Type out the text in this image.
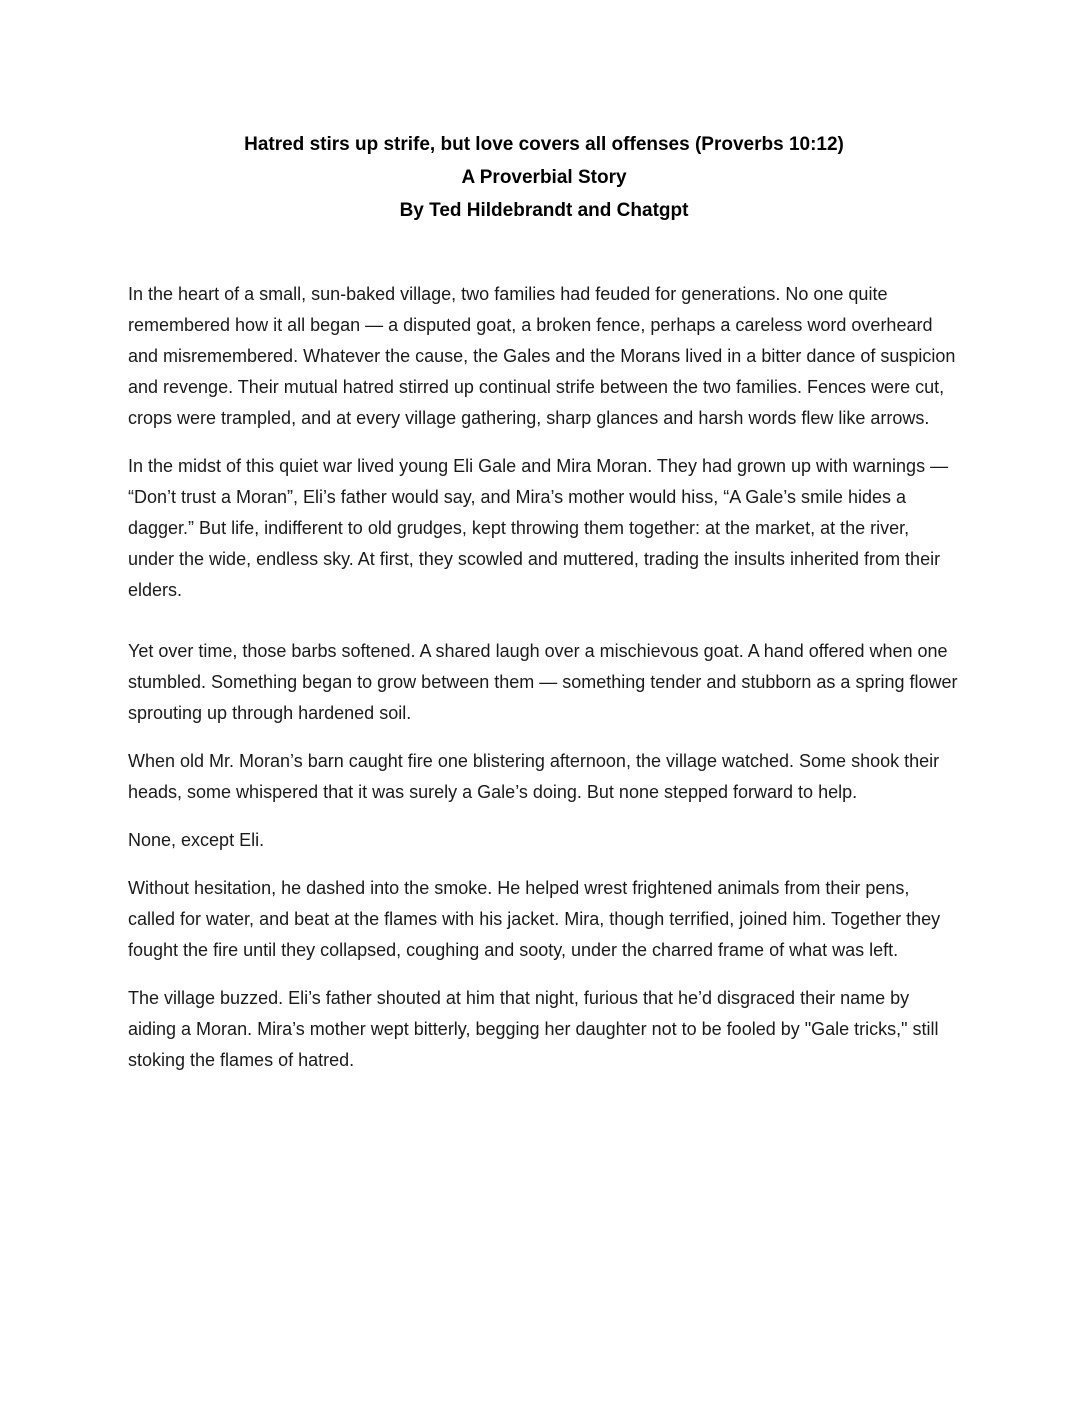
Hatred stirs up strife, but love covers all offenses (Proverbs 10:12)
A Proverbial Story
By Ted Hildebrandt and Chatgpt

In the heart of a small, sun-baked village, two families had feuded for generations. No one quite remembered how it all began — a disputed goat, a broken fence, perhaps a careless word overheard and misremembered. Whatever the cause, the Gales and the Morans lived in a bitter dance of suspicion and revenge. Their mutual hatred stirred up continual strife between the two families. Fences were cut, crops were trampled, and at every village gathering, sharp glances and harsh words flew like arrows.

In the midst of this quiet war lived young Eli Gale and Mira Moran. They had grown up with warnings — “Don’t trust a Moran”, Eli’s father would say, and Mira’s mother would hiss, “A Gale’s smile hides a dagger.” But life, indifferent to old grudges, kept throwing them together: at the market, at the river, under the wide, endless sky. At first, they scowled and muttered, trading the insults inherited from their elders.

Yet over time, those barbs softened. A shared laugh over a mischievous goat. A hand offered when one stumbled. Something began to grow between them — something tender and stubborn as a spring flower sprouting up through hardened soil.

When old Mr. Moran’s barn caught fire one blistering afternoon, the village watched. Some shook their heads, some whispered that it was surely a Gale’s doing. But none stepped forward to help.

None, except Eli.

Without hesitation, he dashed into the smoke. He helped wrest frightened animals from their pens, called for water, and beat at the flames with his jacket. Mira, though terrified, joined him. Together they fought the fire until they collapsed, coughing and sooty, under the charred frame of what was left.

The village buzzed. Eli’s father shouted at him that night, furious that he’d disgraced their name by aiding a Moran. Mira’s mother wept bitterly, begging her daughter not to be fooled by "Gale tricks," still stoking the flames of hatred.
